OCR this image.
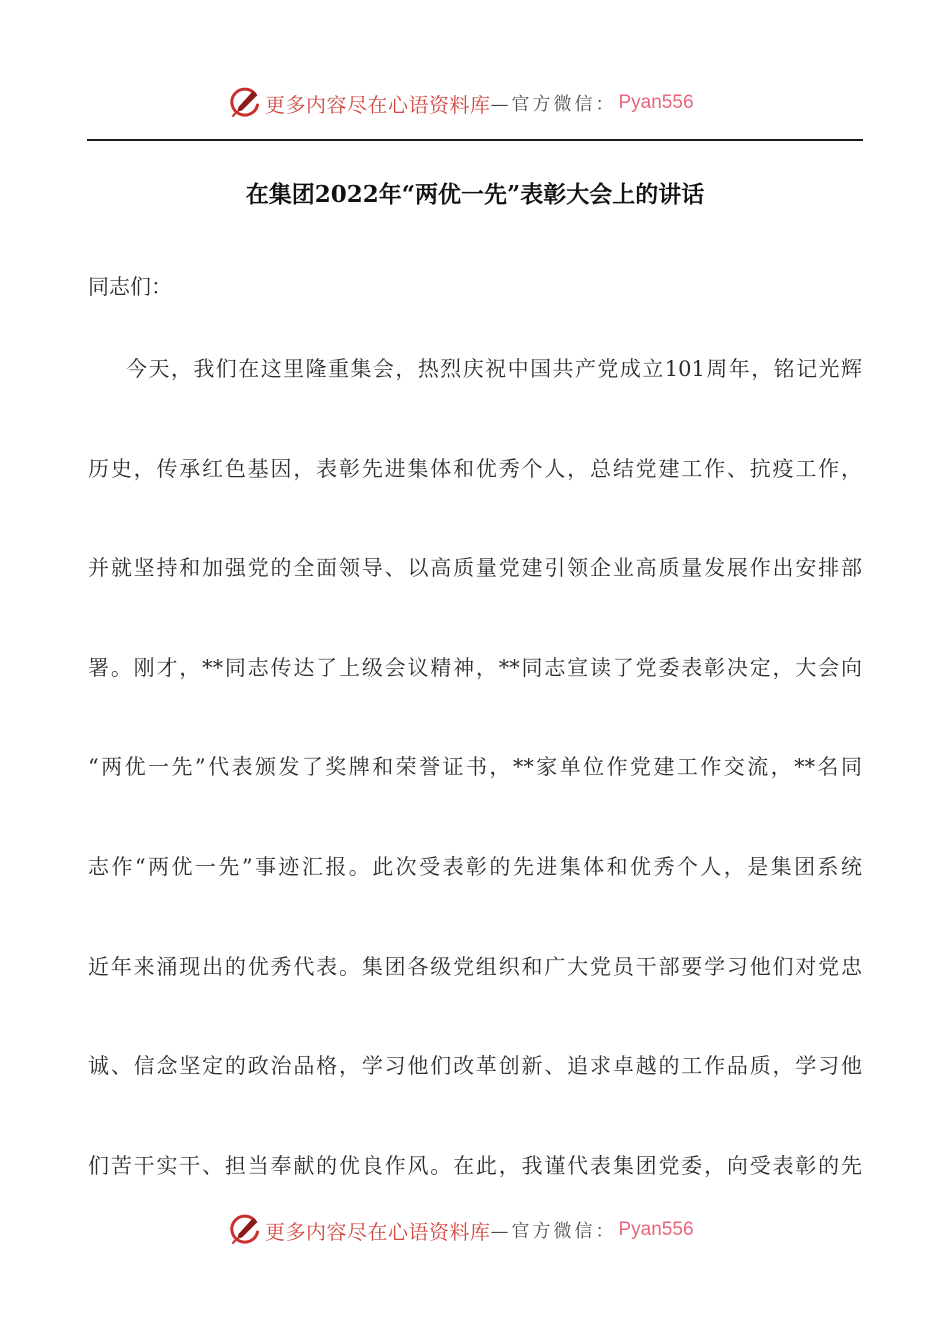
更多内容尽在心语资料库 —官方微信： Pyan556
在集团2022年“两优一先”表彰大会上的讲话
同志们：
今天，我们在这里隆重集会，热烈庆祝中国共产党成立101周年，铭记光辉
历史，传承红色基因，表彰先进集体和优秀个人，总结党建工作、抗疫工作，
并就坚持和加强党的全面领导、以高质量党建引领企业高质量发展作出安排部
署。刚才，**同志传达了上级会议精神，**同志宣读了党委表彰决定，大会向
“两优一先”代表颁发了奖牌和荣誉证书，**家单位作党建工作交流，**名同
志作“两优一先”事迹汇报。此次受表彰的先进集体和优秀个人，是集团系统
近年来涌现出的优秀代表。集团各级党组织和广大党员干部要学习他们对党忠
诚、信念坚定的政治品格，学习他们改革创新、追求卓越的工作品质，学习他
们苦干实干、担当奉献的优良作风。在此，我谨代表集团党委，向受表彰的先
更多内容尽在心语资料库 —官方微信： Pyan556
